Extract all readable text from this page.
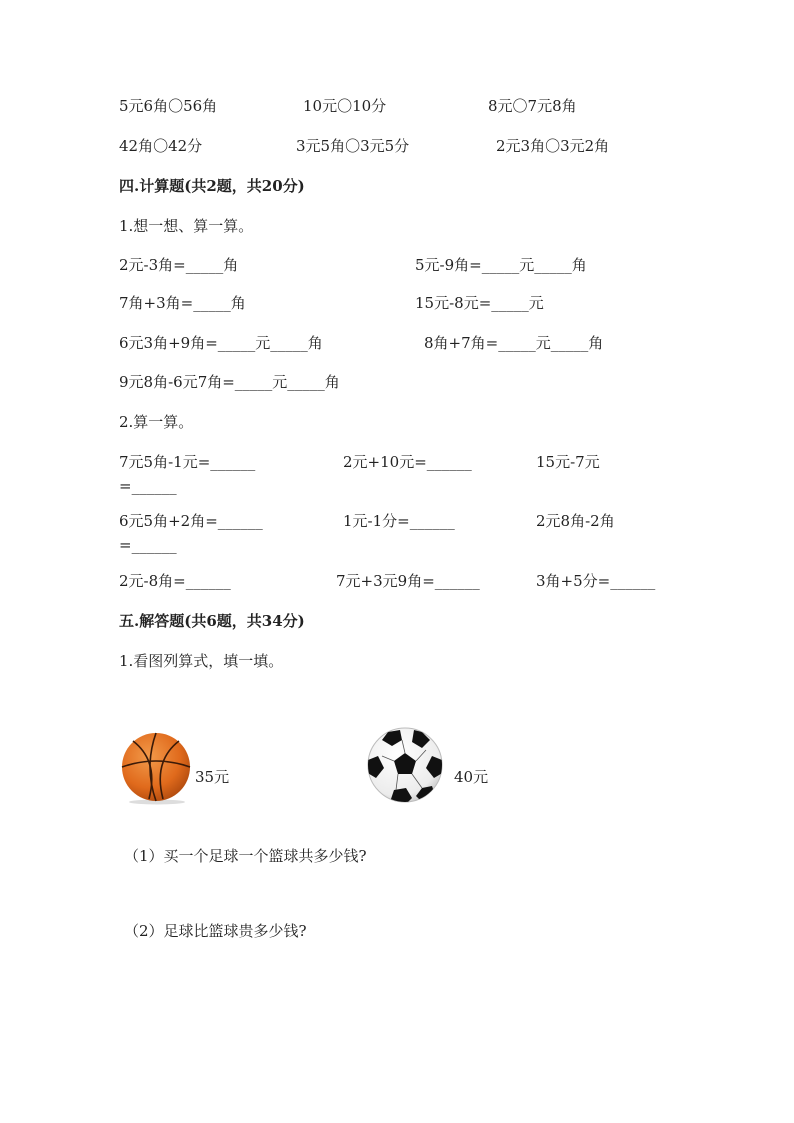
5元6角〇56角	10元〇10分	8元〇7元8角
42角〇42分	3元5角〇3元5分	2元3角〇3元2角
四.计算题(共2题，共20分)
1.想一想、算一算。
2元-3角=_____角	5元-9角=_____元_____角
7角+3角=_____角	15元-8元=_____元
6元3角+9角=_____元_____角	8角+7角=_____元_____角
9元8角-6元7角=_____元_____角
2.算一算。
7元5角-1元=______	2元+10元=______	15元-7元
=______
6元5角+2角=______	1元-1分=______	2元8角-2角
=______
2元-8角=______	7元+3元9角=______	3角+5分=______
五.解答题(共6题，共34分)
1.看图列算式，填一填。
35元	40元
（1）买一个足球一个篮球共多少钱?
（2）足球比篮球贵多少钱?
